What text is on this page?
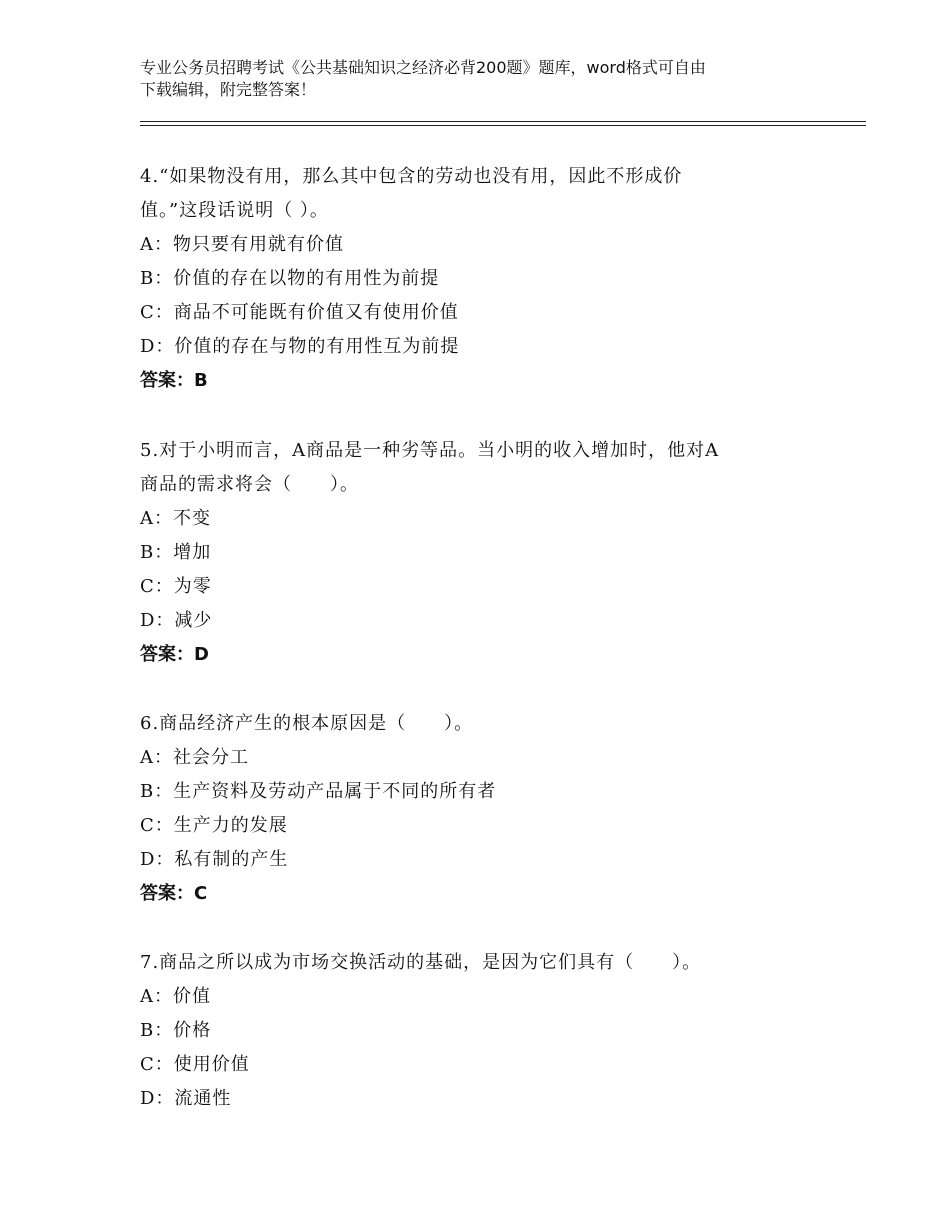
专业公务员招聘考试《公共基础知识之经济必背200题》题库，word格式可自由
下载编辑，附完整答案！
4.“如果物没有用，那么其中包含的劳动也没有用，因此不形成价
值。”这段话说明（ ）。
A：物只要有用就有价值
B：价值的存在以物的有用性为前提
C：商品不可能既有价值又有使用价值
D：价值的存在与物的有用性互为前提
答案：B
5.对于小明而言，A商品是一种劣等品。当小明的收入增加时，他对A
商品的需求将会（　　）。
A：不变
B：增加
C：为零
D：减少
答案：D
6.商品经济产生的根本原因是（　　）。
A：社会分工
B：生产资料及劳动产品属于不同的所有者
C：生产力的发展
D：私有制的产生
答案：C
7.商品之所以成为市场交换活动的基础，是因为它们具有（　　）。
A：价值
B：价格
C：使用价值
D：流通性
